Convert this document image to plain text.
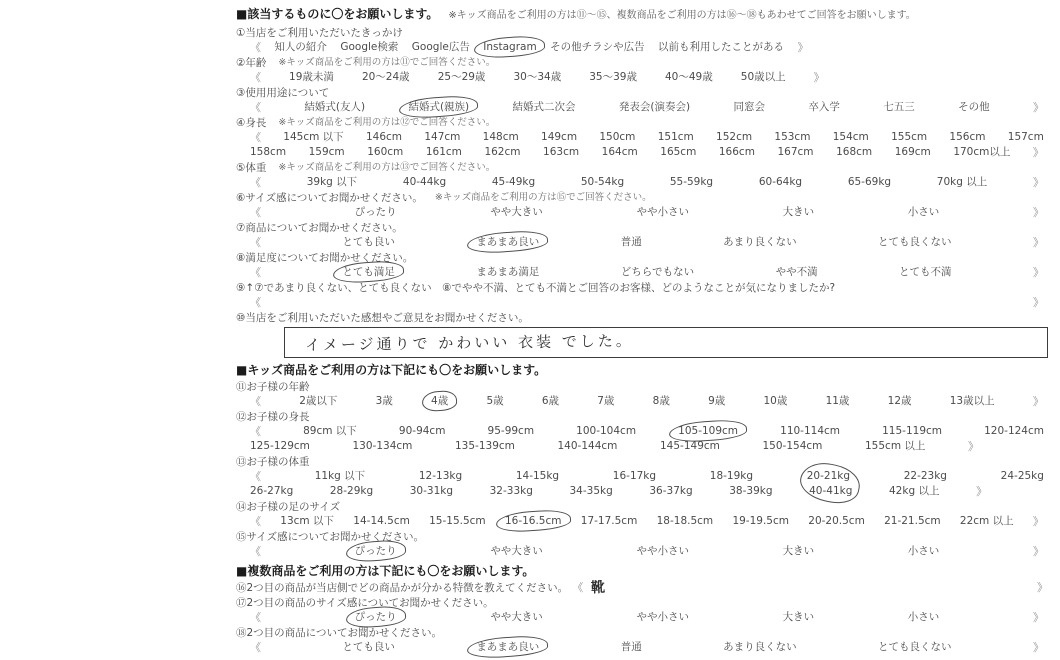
■該当するものに〇をお願いします。 ※キッズ商品をご利用の方は⑪〜⑮、複数商品をご利用の方は⑯〜⑱もあわせてご回答をお願いします。
①当店をご利用いただいたきっかけ
《 知人の紹介 Google検索 Google広告 Instagram その他チラシや広告 以前も利用したことがある 》
②年齢 ※キッズ商品をご利用の方は⑪でご回答ください。
《	19歳未満	20〜24歳	25〜29歳	30〜34歳	35〜39歳	40〜49歳	50歳以上	》
③使用用途について
《	結婚式(友人)	結婚式(親族)	結婚式二次会	発表会(演奏会)	同窓会	卒入学	七五三	その他	》
④身長 ※キッズ商品をご利用の方は⑫でご回答ください。
《 145cm 以下 146cm 147cm 148cm 149cm 150cm 151cm 152cm 153cm 154cm 155cm 156cm 157cm
158cm 159cm 160cm 161cm 162cm 163cm 164cm 165cm 166cm 167cm 168cm 169cm 170cm以上 》
⑤体重 ※キッズ商品をご利用の方は⑬でご回答ください。
《	39kg 以下	40-44kg	45-49kg	50-54kg	55-59kg	60-64kg	65-69kg	70kg 以上	》
⑥サイズ感についてお聞かせください。 ※キッズ商品をご利用の方は⑮でご回答ください。
《	ぴったり	やや大きい	やや小さい	大きい	小さい	》
⑦商品についてお聞かせください。
《	とても良い	まあまあ良い	普通	あまり良くない	とても良くない	》
⑧満足度についてお聞かせください。
《	とても満足	まあまあ満足	どちらでもない	やや不満	とても不満	》
⑨↑⑦であまり良くない、とても良くない　⑧でやや不満、とても不満とご回答のお客様、どのようなことが気になりましたか?
《	》
⑩当店をご利用いただいた感想やご意見をお聞かせください。
イメージ通りで かわいい 衣装 でした。
■キッズ商品をご利用の方は下記にも〇をお願いします。
⑪お子様の年齢
《	2歳以下	3歳	4歳	5歳	6歳	7歳	8歳	9歳	10歳	11歳	12歳	13歳以上	》
⑫お子様の身長
《	89cm 以下	90-94cm	95-99cm	100-104cm	105-109cm	110-114cm	115-119cm	120-124cm
125-129cm	130-134cm	135-139cm	140-144cm	145-149cm	150-154cm	155cm 以上	》
⑬お子様の体重
《	11kg 以下	12-13kg	14-15kg	16-17kg	18-19kg	20-21kg	22-23kg	24-25kg
26-27kg	28-29kg	30-31kg	32-33kg	34-35kg	36-37kg	38-39kg	40-41kg	42kg 以上	》
⑭お子様の足のサイズ
《 13cm 以下 14-14.5cm 15-15.5cm 16-16.5cm 17-17.5cm 18-18.5cm 19-19.5cm 20-20.5cm 21-21.5cm 22cm 以上 》
⑮サイズ感についてお聞かせください。
《	ぴったり	やや大きい	やや小さい	大きい	小さい	》
■複数商品をご利用の方は下記にも〇をお願いします。
⑯2つ目の商品が当店側でどの商品かが分かる特徴を教えてください。 《 靴	》
⑰2つ目の商品のサイズ感についてお聞かせください。
《	ぴったり	やや大きい	やや小さい	大きい	小さい	》
⑱2つ目の商品についてお聞かせください。
《	とても良い	まあまあ良い	普通	あまり良くない	とても良くない	》
